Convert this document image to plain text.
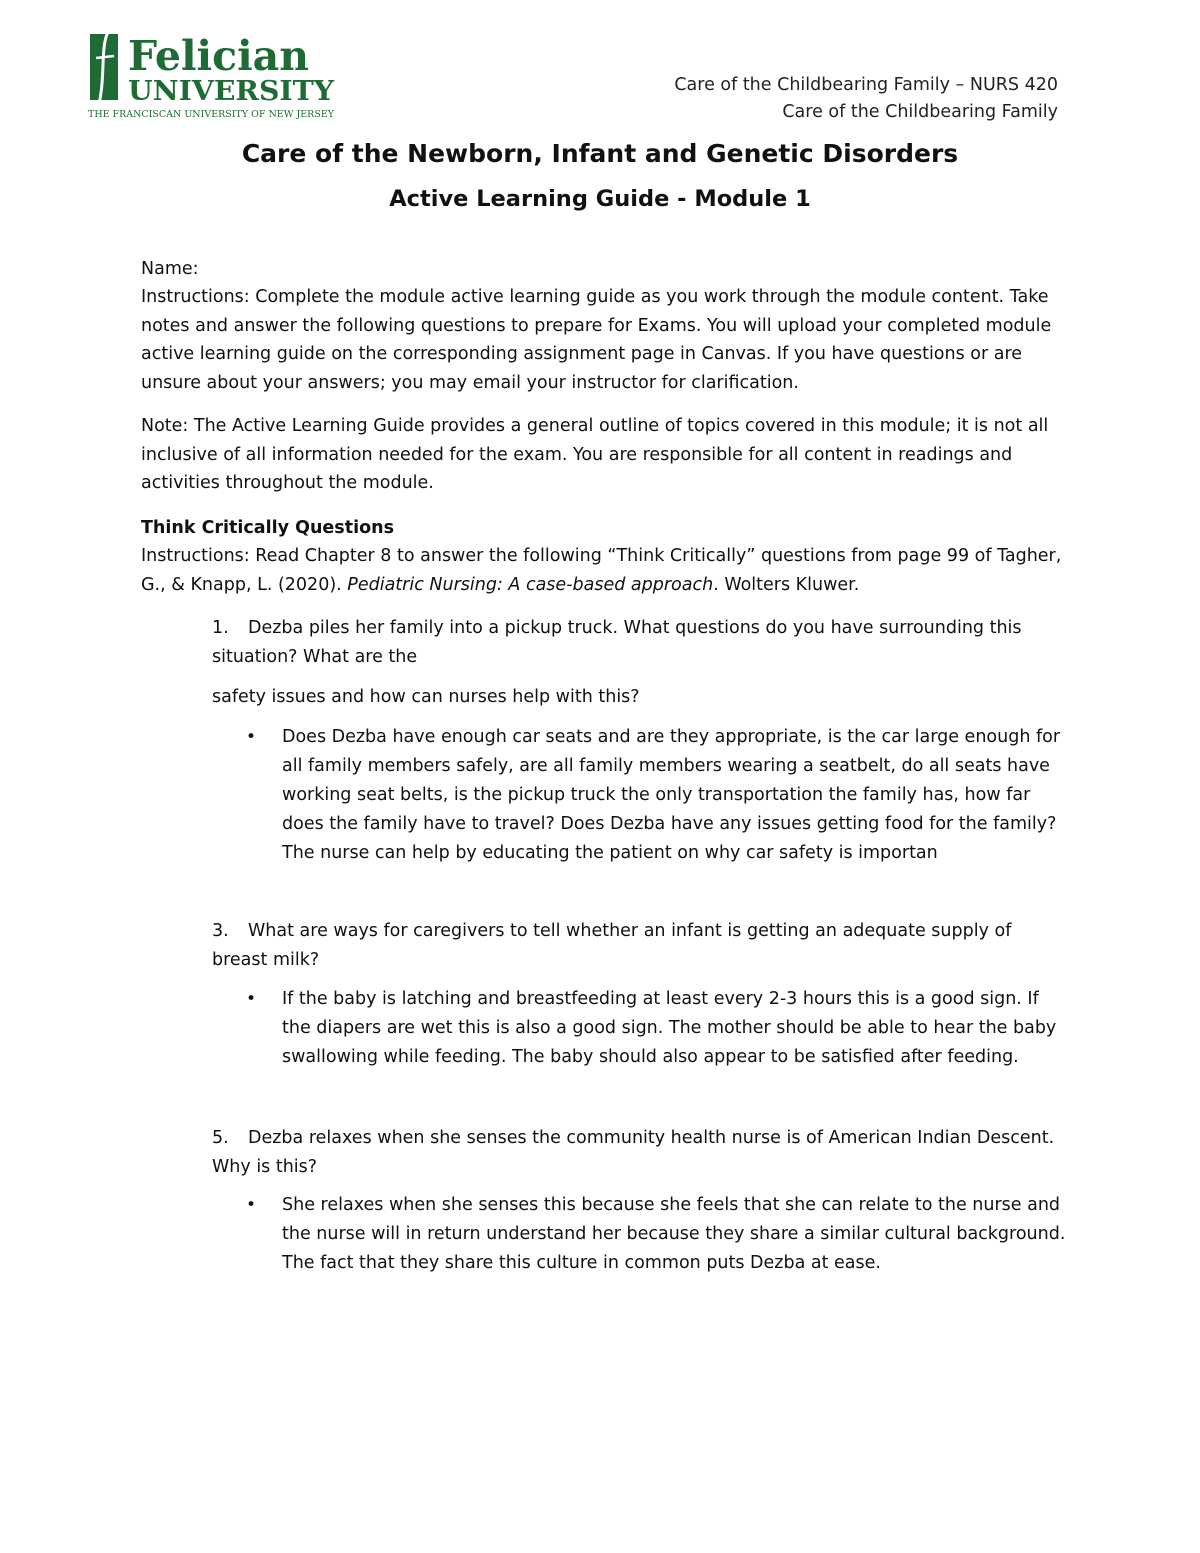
Felician
UNIVERSITY
THE FRANCISCAN UNIVERSITY OF NEW JERSEY
Care of the Childbearing Family – NURS 420
Care of the Childbearing Family
Care of the Newborn, Infant and Genetic Disorders
Active Learning Guide - Module 1
Name:
Instructions: Complete the module active learning guide as you work through the module content. Take notes and answer the following questions to prepare for Exams. You will upload your completed module active learning guide on the corresponding assignment page in Canvas. If you have questions or are unsure about your answers; you may email your instructor for clarification.
Note: The Active Learning Guide provides a general outline of topics covered in this module; it is not all inclusive of all information needed for the exam. You are responsible for all content in readings and activities throughout the module.
Think Critically Questions
Instructions: Read Chapter 8 to answer the following “Think Critically” questions from page 99 of Tagher, G., & Knapp, L. (2020). Pediatric Nursing: A case-based approach. Wolters Kluwer.
1. Dezba piles her family into a pickup truck. What questions do you have surrounding this situation? What are the
safety issues and how can nurses help with this?
• Does Dezba have enough car seats and are they appropriate, is the car large enough for all family members safely, are all family members wearing a seatbelt, do all seats have working seat belts, is the pickup truck the only transportation the family has, how far does the family have to travel? Does Dezba have any issues getting food for the family? The nurse can help by educating the patient on why car safety is importan
3. What are ways for caregivers to tell whether an infant is getting an adequate supply of breast milk?
• If the baby is latching and breastfeeding at least every 2-3 hours this is a good sign. If the diapers are wet this is also a good sign. The mother should be able to hear the baby swallowing while feeding. The baby should also appear to be satisfied after feeding.
5. Dezba relaxes when she senses the community health nurse is of American Indian Descent. Why is this?
• She relaxes when she senses this because she feels that she can relate to the nurse and the nurse will in return understand her because they share a similar cultural background. The fact that they share this culture in common puts Dezba at ease.
